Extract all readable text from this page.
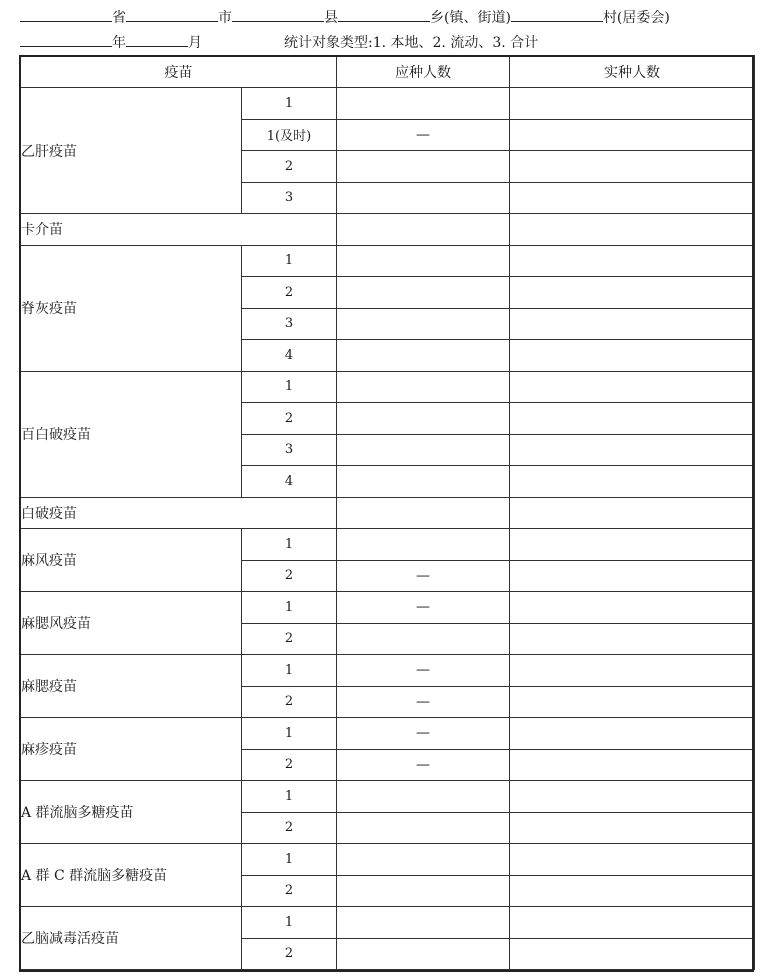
省	市	县	乡(镇、街道)	村(居委会)
年	月	统计对象类型:1. 本地、2. 流动、3. 合计
疫苗		应种人数	实种人数
乙肝疫苗	1		
	1(及时)	—	
	2		
	3		
卡介苗			
脊灰疫苗	1		
	2		
	3		
	4		
百白破疫苗	1		
	2		
	3		
	4		
白破疫苗			
麻风疫苗	1		
	2	—	
麻腮风疫苗	1	—	
	2		
麻腮疫苗	1	—	
	2	—	
麻疹疫苗	1	—	
	2	—	
A 群流脑多糖疫苗	1		
	2		
A 群 C 群流脑多糖疫苗	1		
	2		
乙脑减毒活疫苗	1		
	2		
